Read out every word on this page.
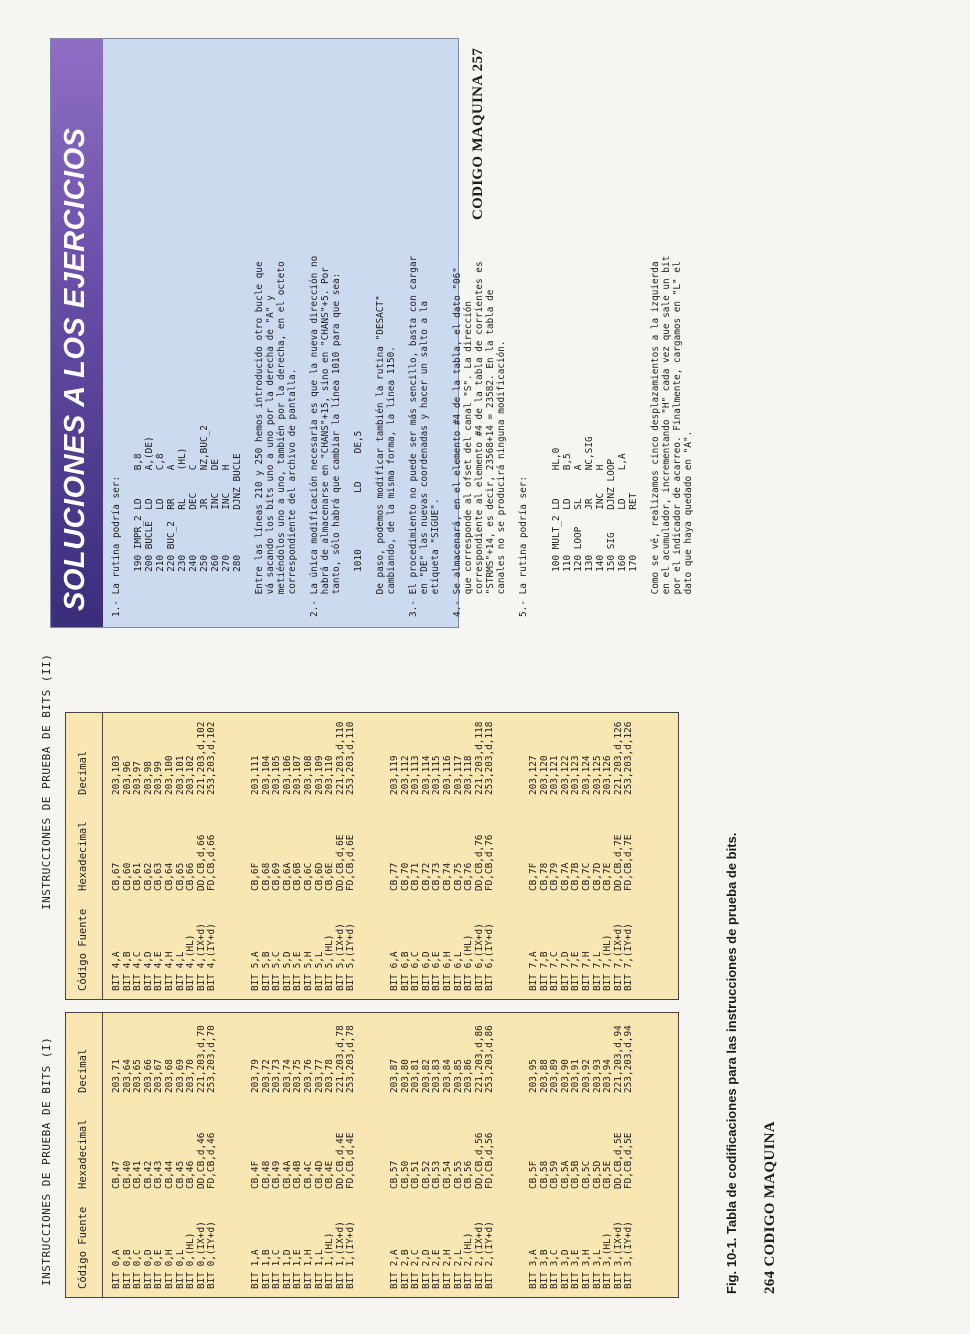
INSTRUCCIONES DE PRUEBA DE BITS (I) Código Fuente
Hexadecimal
Decimal
BIT 0,A
CB,47
203,71
BIT 0,B
CB,40
203,64
BIT 0,C
CB,41
203,65
BIT 0,D
CB,42
203,66
BIT 0,E
CB,43
203,67
BIT 0,H
CB,44
203,68
BIT 0,L
CB,45
203,69
BIT 0,(HL)
CB,46
203,70
BIT 0,(IX+d)
DD,CB,d,46
221,203,d,70
BIT 0,(IY+d)
FD,CB,d,46
253,203,d,70
BIT 1,A
CB,4F
203,79
BIT 1,B
CB,48
203,72
BIT 1,C
CB,49
203,73
BIT 1,D
CB,4A
203,74
BIT 1,E
CB,4B
203,75
BIT 1,H
CB,4C
203,76
BIT 1,L
CB,4D
203,77
BIT 1,(HL)
CB,4E
203,78
BIT 1,(IX+d)
DD,CB,d,4E
221,203,d,78
BIT 1,(IY+d)
FD,CB,d,4E
253,203,d,78
BIT 2,A
CB,57
203,87
BIT 2,B
CB,50
203,80
BIT 2,C
CB,51
203,81
BIT 2,D
CB,52
203,82
BIT 2,E
CB,53
203,83
BIT 2,H
CB,54
203,84
BIT 2,L
CB,55
203,85
BIT 2,(HL)
CB,56
203,86
BIT 2,(IX+d)
DD,CB,d,56
221,203,d,86
BIT 2,(IY+d)
FD,CB,d,56
253,203,d,86
BIT 3,A
CB,5F
203,95
BIT 3,B
CB,58
203,88
BIT 3,C
CB,59
203,89
BIT 3,D
CB,5A
203,90
BIT 3,E
CB,5B
203,91
BIT 3,H
CB,5C
203,92
BIT 3,L
CB,5D
203,93
BIT 3,(HL)
CB,5E
203,94
BIT 3,(IX+d)
DD,CB,d,5E
221,203,d,94
BIT 3,(IY+d)
FD,CB,d,5E
253,203,d,94
INSTRUCCIONES DE PRUEBA DE BITS (II)
Código Fuente
Hexadecimal
Decimal
BIT 4,A
CB,67
203,103
BIT 4,B
CB,60
203,96
BIT 4,C
CB,61
203,97
BIT 4,D
CB,62
203,98
BIT 4,E
CB,63
203,99
BIT 4,H
CB,64
203,100
BIT 4,L
CB,65
203,101
BIT 4,(HL)
CB,66
203,102
BIT 4,(IX+d)
DD,CB,d,66
221,203,d,102
BIT 4,(IY+d)
FD,CB,d,66
253,203,d,102
BIT 5,A
CB,6F
203,111
BIT 5,B
CB,68
203,104
BIT 5,C
CB,69
203,105
BIT 5,D
CB,6A
203,106
BIT 5,E
CB,6B
203,107
BIT 5,H
CB,6C
203,108
BIT 5,L
CB,6D
203,109
BIT 5,(HL)
CB,6E
203,110
BIT 5,(IX+d)
DD,CB,d,6E
221,203,d,110
BIT 5,(IY+d)
FD,CB,d,6E
253,203,d,110
BIT 6,A
CB,77
203,119
BIT 6,B
CB,70
203,112
BIT 6,C
CB,71
203,113
BIT 6,D
CB,72
203,114
BIT 6,E
CB,73
203,115
BIT 6,H
CB,74
203,116
BIT 6,L
CB,75
203,117
BIT 6,(HL)
CB,76
203,118
BIT 6,(IX+d)
DD,CB,d,76
221,203,d,118
BIT 6,(IY+d)
FD,CB,d,76
253,203,d,118
BIT 7,A
CB,7F
203,127
BIT 7,B
CB,78
203,120
BIT 7,C
CB,79
203,121
BIT 7,D
CB,7A
203,122
BIT 7,E
CB,7B
203,123
BIT 7,H
CB,7C
203,124
BIT 7,L
CB,7D
203,125
BIT 7,(HL)
CB,7E
203,126
BIT 7,(IX+d)
DD,CB,d,7E
221,203,d,126
BIT 7,(IY+d)
FD,CB,d,7E
253,203,d,126
Fig. 10-1. Tabla de codificaciones para las instrucciones de prueba de bits. 264 CODIGO MAQUINA
SOLUCIONES A LOS EJERCICIOS 1.- La rutina podría ser: 190 IMPR_2 LD     B,8 200 BUCLE  LD     A,(DE) 210        LD     C,8 220 BUC_2  RR     A 230        RL     (HL) 240        DEC    C 250        JR     NZ,BUC_2 260        INC    DE 270        INC    H 280        DJNZ BUCLE Entre las líneas 210 y 250 hemos introducido otro bucle que vá sacando los bits uno a uno por la derecha de "A" y metiéndolos uno a uno, también por la derecha, en el octeto correspondiente del archivo de pantalla. 2.- La única modificación necesaria es que la nueva dirección no habrá de almacenarse en "CHANS"+15, sino en "CHANS"+5. Por tanto, sólo habrá que cambiar la línea 1010 para que sea: 1010          LD     DE,5 De paso, podemos modificar también la rutina "DESACT" cambiando, de la misma forma, la línea 1150. 3.- El procedimiento no puede ser más sencillo, basta con cargar en "DE" las nuevas coordenadas y hacer un salto a la etiqueta "SIGUE". 4.- Se almacenará, en el elemento #4 de la tabla, el dato "06" que corresponde al ofset del canal "S". La dirección correspondiente al elemento #4 de la tabla de corrientes es "STRMS"+14, es decir, 23568+14 = 23582. En la tabla de canales no se producirá ninguna modificación. 5.- La rutina podría ser: 100 MULT_2 LD     HL,0 110        LD     B,5 120 LOOP   SL     A 130        JR     NC,SIG 140        INC    H 150 SIG    DJNZ LOOP 160        LD     L,A 170        RET Como se vé, realizamos cinco desplazamientos a la izquierda en el acumulador, incrementando "H" cada vez que sale un bit por el indicador de acarreo. Finalmente, cargamos en "L" el dato que haya quedado en "A".
CODIGO MAQUINA 257
